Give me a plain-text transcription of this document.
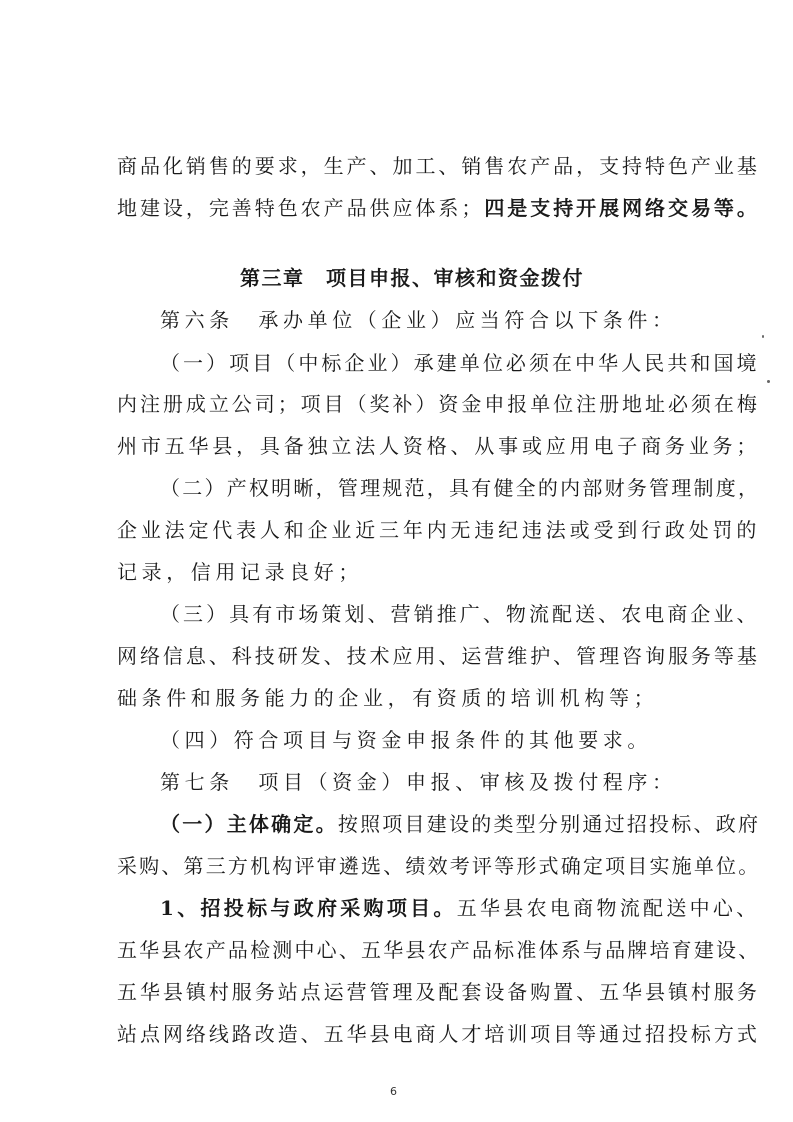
商品化销售的要求，生产、加工、销售农产品，支持特色产业基
地建设，完善特色农产品供应体系；四是支持开展网络交易等。
第三章　项目申报、审核和资金拨付
第六条　承办单位（企业）应当符合以下条件：
（一）项目（中标企业）承建单位必须在中华人民共和国境
内注册成立公司；项目（奖补）资金申报单位注册地址必须在梅
州市五华县，具备独立法人资格、从事或应用电子商务业务；
（二）产权明晰，管理规范，具有健全的内部财务管理制度，
企业法定代表人和企业近三年内无违纪违法或受到行政处罚的
记录，信用记录良好；
（三）具有市场策划、营销推广、物流配送、农电商企业、
网络信息、科技研发、技术应用、运营维护、管理咨询服务等基
础条件和服务能力的企业，有资质的培训机构等；
（四）符合项目与资金申报条件的其他要求。
第七条　项目（资金）申报、审核及拨付程序：
（一）主体确定。按照项目建设的类型分别通过招投标、政府
采购、第三方机构评审遴选、绩效考评等形式确定项目实施单位。
1、招投标与政府采购项目。五华县农电商物流配送中心、
五华县农产品检测中心、五华县农产品标准体系与品牌培育建设、
五华县镇村服务站点运营管理及配套设备购置、五华县镇村服务
站点网络线路改造、五华县电商人才培训项目等通过招投标方式
6
